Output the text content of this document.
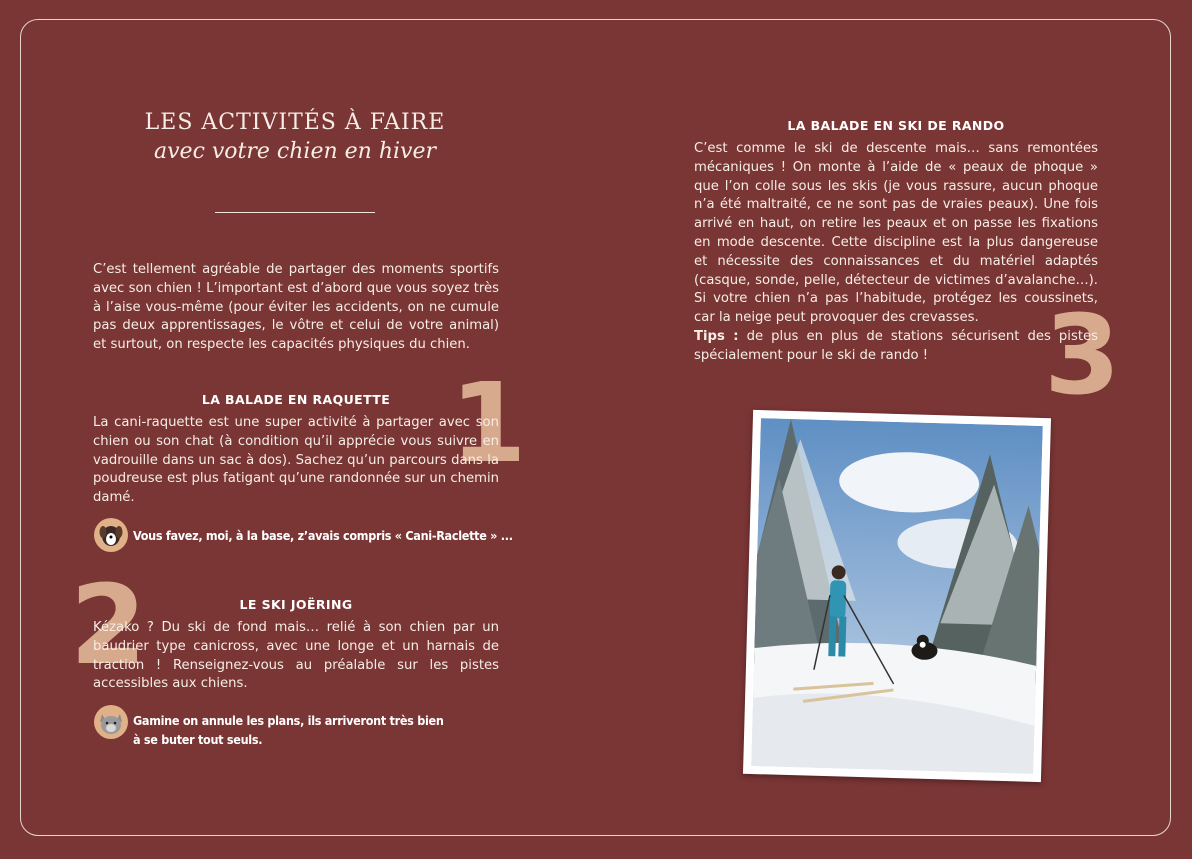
LES ACTIVITÉS À FAIRE
avec votre chien en hiver
C’est tellement agréable de partager des moments sportifs avec son chien ! L’important est d’abord que vous soyez très à l’aise vous-même (pour éviter les accidents, on ne cumule pas deux apprentissages, le vôtre et celui de votre animal) et surtout, on respecte les capacités physiques du chien.
1
LA BALADE EN RAQUETTE
La cani-raquette est une super activité à partager avec son chien ou son chat (à condition qu’il apprécie vous suivre en vadrouille dans un sac à dos). Sachez qu’un parcours dans la poudreuse est plus fatigant qu’une randonnée sur un chemin damé.
Vous favez, moi, à la base, z’avais compris « Cani-Raclette » ...
2	LE SKI JOËRING
Kézako ? Du ski de fond mais… relié à son chien par un baudrier type canicross, avec une longe et un harnais de traction ! Renseignez-vous au préalable sur les pistes accessibles aux chiens.
Gamine on annule les plans, ils arriveront très bien
à se buter tout seuls.
3
LA BALADE EN SKI DE RANDO
C’est comme le ski de descente mais… sans remontées mécaniques ! On monte à l’aide de « peaux de phoque » que l’on colle sous les skis (je vous rassure, aucun phoque n’a été maltraité, ce ne sont pas de vraies peaux). Une fois arrivé en haut, on retire les peaux et on passe les fixations en mode descente. Cette discipline est la plus dangereuse et nécessite des connaissances et du matériel adaptés (casque, sonde, pelle, détecteur de victimes d’avalanche…). Si votre chien n’a pas l’habitude, protégez les coussinets, car la neige peut provoquer des crevasses.
Tips : de plus en plus de stations sécurisent des pistes spécialement pour le ski de rando !
